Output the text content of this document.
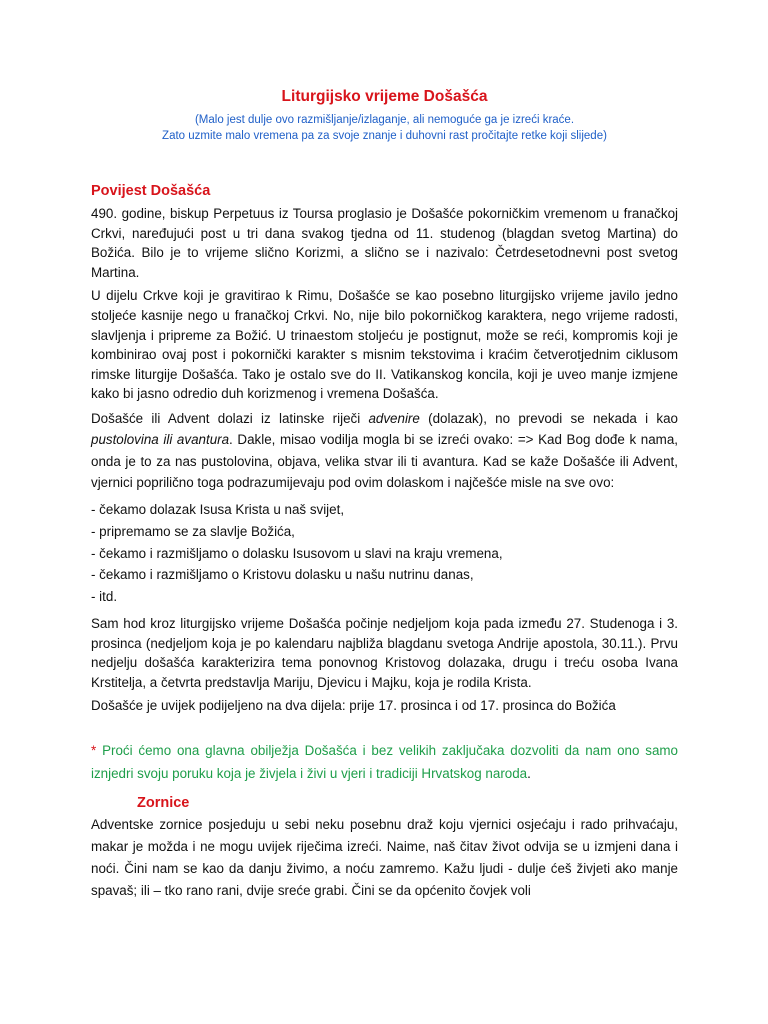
Liturgijsko vrijeme Došašća

(Malo jest dulje ovo razmišljanje/izlaganje, ali nemoguće ga je izreći kraće.

Zato uzmite malo vremena pa za svoje znanje i duhovni rast pročitajte retke koji slijede)

Povijest Došašća

490. godine, biskup Perpetuus iz Toursa proglasio je Došašće pokorničkim vremenom u franačkoj Crkvi, naređujući post u tri dana svakog tjedna od 11. studenog (blagdan svetog Martina) do Božića. Bilo je to vrijeme slično Korizmi, a slično se i nazivalo: Četrdesetodnevni post svetog Martina.

U dijelu Crkve koji je gravitirao k Rimu, Došašće se kao posebno liturgijsko vrijeme javilo jedno stoljeće kasnije nego u franačkoj Crkvi. No, nije bilo pokorničkog karaktera, nego vrijeme radosti, slavljenja i pripreme za Božić. U trinaestom stoljeću je postignut, može se reći, kompromis koji je kombinirao ovaj post i pokornički karakter s misnim tekstovima i kraćim četverotjednim ciklusom rimske liturgije Došašća. Tako je ostalo sve do II. Vatikanskog koncila, koji je uveo manje izmjene kako bi jasno odredio duh korizmenog i vremena Došašća.

Došašće ili Advent dolazi iz latinske riječi advenire (dolazak), no prevodi se nekada i kao pustolovina ili avantura. Dakle, misao vodilja mogla bi se izreći ovako: => Kad Bog dođe k nama, onda je to za nas pustolovina, objava, velika stvar ili ti avantura. Kad se kaže Došašće ili Advent, vjernici poprilično toga podrazumijevaju pod ovim dolaskom i najčešće misle na sve ovo:

- čekamo dolazak Isusa Krista u naš svijet,
- pripremamo se za slavlje Božića,
- čekamo i razmišljamo o dolasku Isusovom u slavi na kraju vremena,
- čekamo i razmišljamo o Kristovu dolasku u našu nutrinu danas,
- itd.

Sam hod kroz liturgijsko vrijeme Došašća počinje nedjeljom koja pada između 27. Studenoga i 3. prosinca (nedjeljom koja je po kalendaru najbliža blagdanu svetoga Andrije apostola, 30.11.). Prvu nedjelju došašća karakterizira tema ponovnog Kristovog dolazaka, drugu i treću osoba Ivana Krstitelja, a četvrta predstavlja Mariju, Djevicu i Majku, koja je rodila Krista.

Došašće je uvijek podijeljeno na dva dijela: prije 17. prosinca i od 17. prosinca do Božića

* Proći ćemo ona glavna obilježja Došašća i bez velikih zaključaka dozvoliti da nam ono samo iznjedri svoju poruku koja je živjela i živi u vjeri i tradiciji Hrvatskog naroda.

Zornice

Adventske zornice posjeduju u sebi neku posebnu draž koju vjernici osjećaju i rado prihvaćaju, makar je možda i ne mogu uvijek riječima izreći. Naime, naš čitav život odvija se u izmjeni dana i noći. Čini nam se kao da danju živimo, a noću zamremo. Kažu ljudi - dulje ćeš živjeti ako manje spavaš; ili – tko rano rani, dvije sreće grabi. Čini se da općenito čovjek voli
